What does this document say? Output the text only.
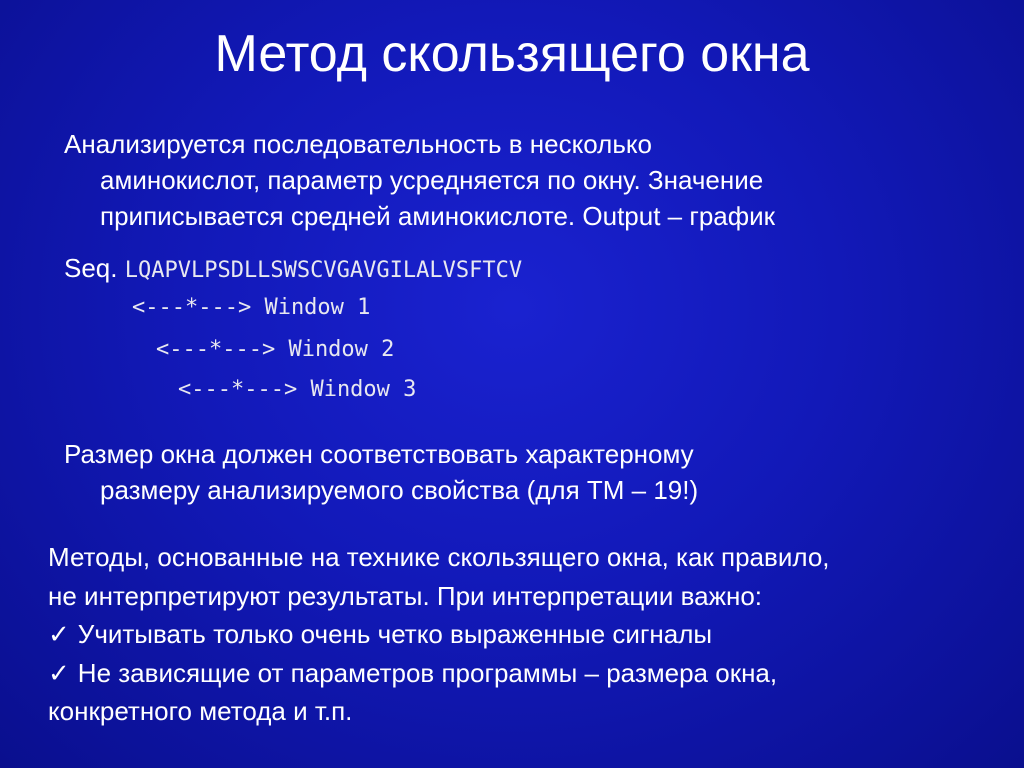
Метод скользящего окна

Анализируется последовательность в несколько
аминокислот, параметр усредняется по окну. Значение
приписывается средней аминокислоте. Output – график

Seq. LQAPVLPSDLLSWSCVGAVGILALVSFTCV
<---*---> Window 1
<---*---> Window 2
<---*---> Window 3

Размер окна должен соответствовать характерному
размеру анализируемого свойства (для ТМ – 19!)

Методы, основанные на технике скользящего окна, как правило,
не интерпретируют результаты. При интерпретации важно:
✓ Учитывать только очень четко выраженные сигналы
✓ Не зависящие от параметров программы – размера окна,
конкретного метода и т.п.
